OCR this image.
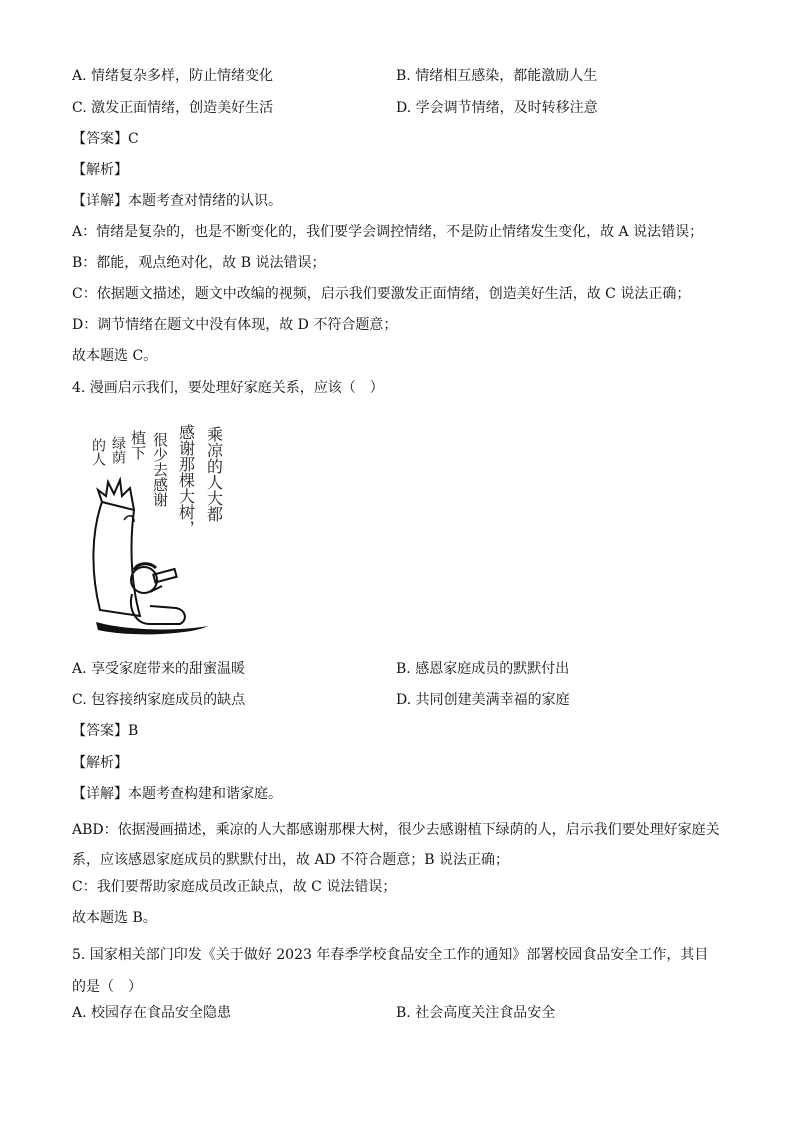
A. 情绪复杂多样，防止情绪变化	B. 情绪相互感染，都能激励人生
C. 激发正面情绪，创造美好生活	D. 学会调节情绪，及时转移注意
【答案】C
【解析】
【详解】本题考查对情绪的认识。
A：情绪是复杂的，也是不断变化的，我们要学会调控情绪，不是防止情绪发生变化，故 A 说法错误；
B：都能，观点绝对化，故 B 说法错误；
C：依据题文描述，题文中改编的视频，启示我们要激发正面情绪，创造美好生活，故 C 说法正确；
D：调节情绪在题文中没有体现，故 D 不符合题意；
故本题选 C。
4. 漫画启示我们，要处理好家庭关系，应该（　）
乘凉的人大都
感谢那棵大树，
很少去感谢
植下
绿荫
的人
A. 享受家庭带来的甜蜜温暖	B. 感恩家庭成员的默默付出
C. 包容接纳家庭成员的缺点	D. 共同创建美满幸福的家庭
【答案】B
【解析】
【详解】本题考查构建和谐家庭。
ABD：依据漫画描述，乘凉的人大都感谢那棵大树，很少去感谢植下绿荫的人，启示我们要处理好家庭关系，应该感恩家庭成员的默默付出，故 AD 不符合题意；B 说法正确；
C：我们要帮助家庭成员改正缺点，故 C 说法错误；
故本题选 B。
5. 国家相关部门印发《关于做好 2023 年春季学校食品安全工作的通知》部署校园食品安全工作，其目的是（　）
A. 校园存在食品安全隐患	B. 社会高度关注食品安全
